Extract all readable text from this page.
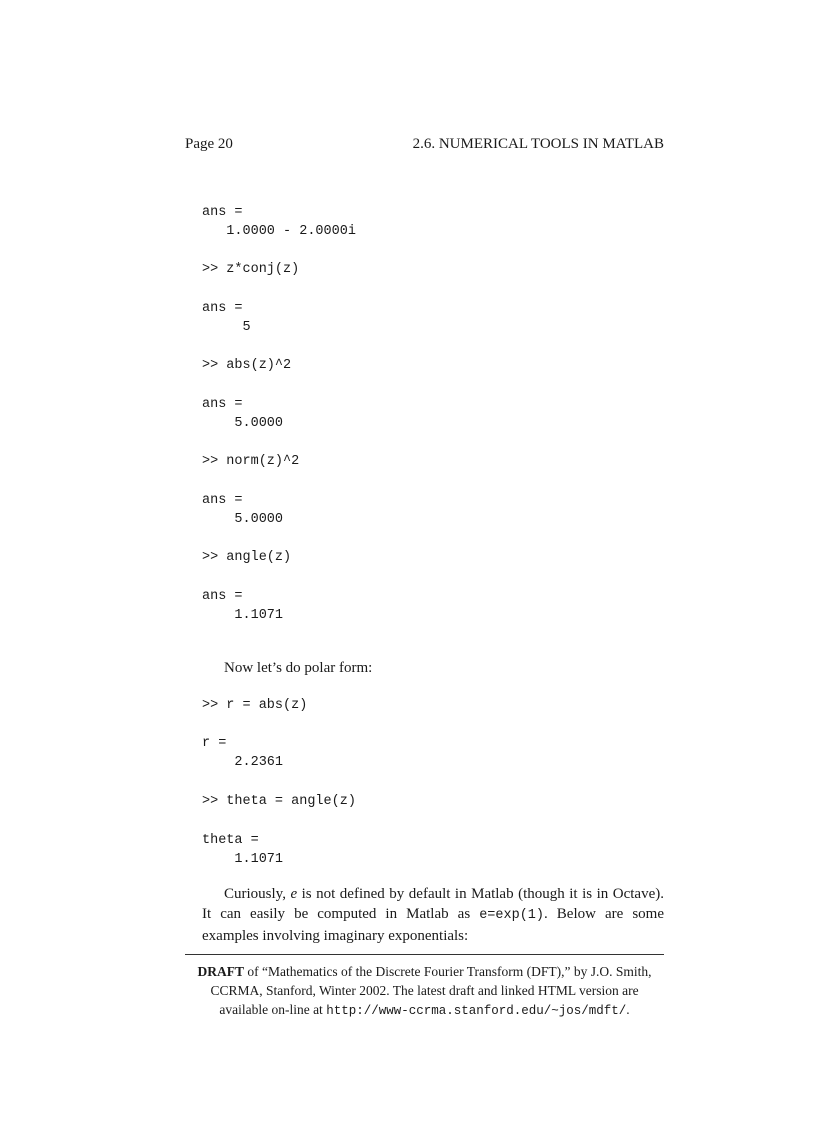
Page 20	2.6. NUMERICAL TOOLS IN MATLAB
ans =
1.0000 - 2.0000i
>> z*conj(z)
ans =
5
>> abs(z)^2
ans =
5.0000
>> norm(z)^2
ans =
5.0000
>> angle(z)
ans =
1.1071
Now let’s do polar form:
>> r = abs(z)
r =
2.2361
>> theta = angle(z)
theta =
1.1071
Curiously, e is not defined by default in Matlab (though it is in Octave). It can easily be computed in Matlab as e=exp(1). Below are some examples involving imaginary exponentials:
DRAFT of “Mathematics of the Discrete Fourier Transform (DFT),” by J.O. Smith, CCRMA, Stanford, Winter 2002. The latest draft and linked HTML version are available on-line at http://www-ccrma.stanford.edu/~jos/mdft/.
